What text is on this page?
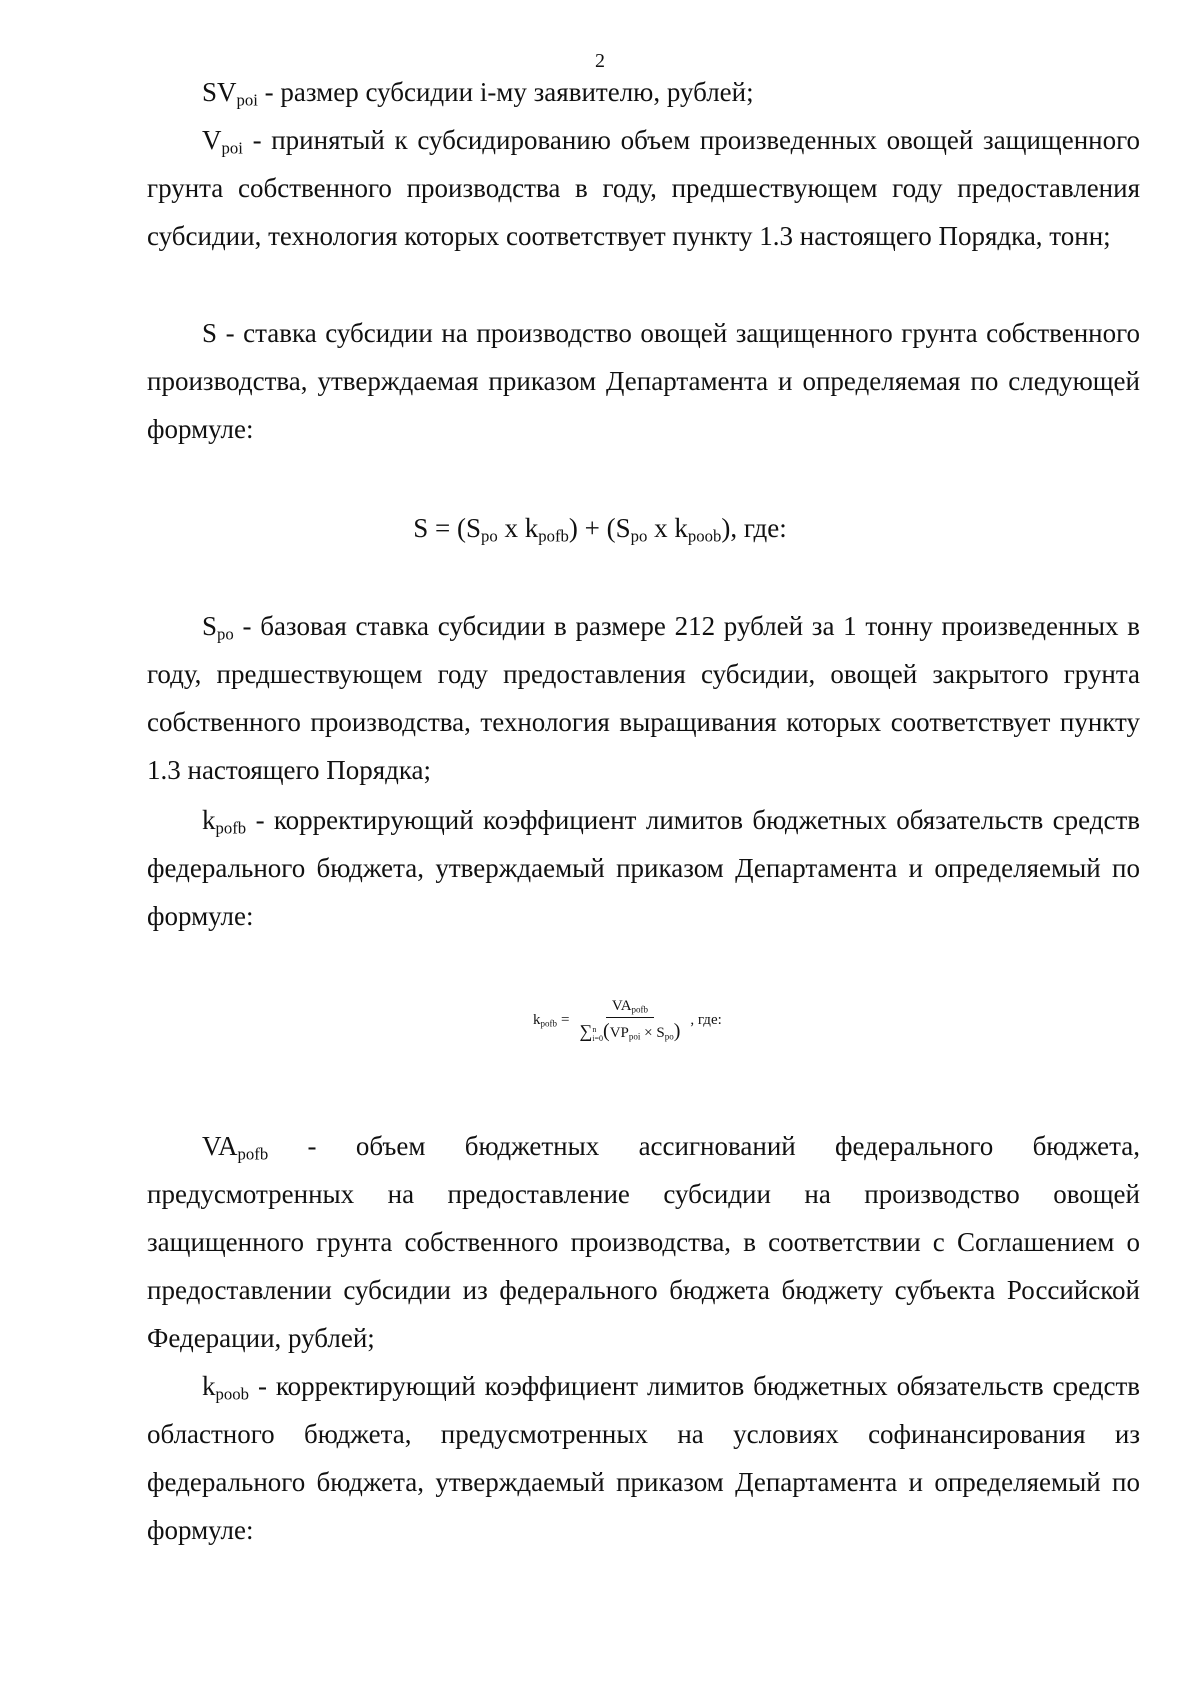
2

$SV_{poi}$ - размер субсидии i-му заявителю, рублей;

$V_{poi}$ - принятый к субсидированию объем произведенных овощей защищенного грунта собственного производства в году, предшествующем году предоставления субсидии, технология которых соответствует пункту 1.3 настоящего Порядка, тонн;

S - ставка субсидии на производство овощей защищенного грунта собственного производства, утверждаемая приказом Департамента и определяемая по следующей формуле:

$S = (S_{po}$ x $k_{pofb}) + (S_{po}$ x $k_{poob}$), где:

$S_{po}$ - базовая ставка субсидии в размере 212 рублей за 1 тонну произведенных в году, предшествующем году предоставления субсидии, овощей закрытого грунта собственного производства, технология выращивания которых соответствует пункту 1.3 настоящего Порядка;

$k_{pofb}$ - корректирующий коэффициент лимитов бюджетных обязательств средств федерального бюджета, утверждаемый приказом Департамента и определяемый по формуле:

$k_{pofb} = VA_{pofb}$
∑ n
i=0 $(VP_{poi} \times S_{po})$ , где:

$VA_{pofb}$ - объем бюджетных ассигнований федерального бюджета, предусмотренных на предоставление субсидии на производство овощей защищенного грунта собственного производства, в соответствии с Соглашением о предоставлении субсидии из федерального бюджета бюджету субъекта Российской Федерации, рублей;

$k_{poob}$ - корректирующий коэффициент лимитов бюджетных обязательств средств областного бюджета, предусмотренных на условиях софинансирования из федерального бюджета, утверждаемый приказом Департамента и определяемый по формуле:
